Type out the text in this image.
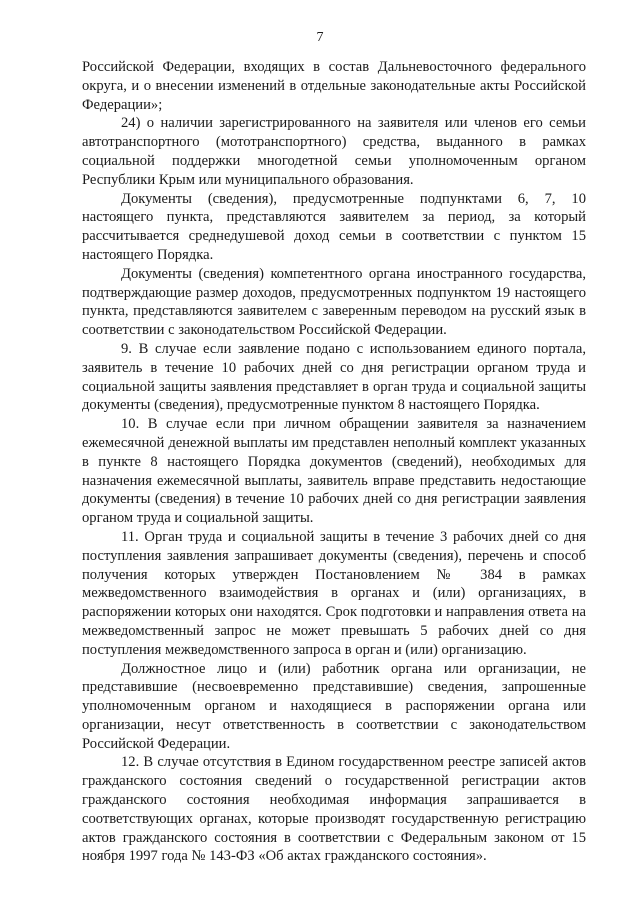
7

Российской Федерации, входящих в состав Дальневосточного федерального округа, и о внесении изменений в отдельные законодательные акты Российской Федерации»;

24) о наличии зарегистрированного на заявителя или членов его семьи автотранспортного (мототранспортного) средства, выданного в рамках социальной поддержки многодетной семьи уполномоченным органом Республики Крым или муниципального образования.

Документы (сведения), предусмотренные подпунктами 6, 7, 10 настоящего пункта, представляются заявителем за период, за который рассчитывается среднедушевой доход семьи в соответствии с пунктом 15 настоящего Порядка.

Документы (сведения) компетентного органа иностранного государства, подтверждающие размер доходов, предусмотренных подпунктом 19 настоящего пункта, представляются заявителем с заверенным переводом на русский язык в соответствии с законодательством Российской Федерации.

9. В случае если заявление подано с использованием единого портала, заявитель в течение 10 рабочих дней со дня регистрации органом труда и социальной защиты заявления представляет в орган труда и социальной защиты документы (сведения), предусмотренные пунктом 8 настоящего Порядка.

10. В случае если при личном обращении заявителя за назначением ежемесячной денежной выплаты им представлен неполный комплект указанных в пункте 8 настоящего Порядка документов (сведений), необходимых для назначения ежемесячной выплаты, заявитель вправе представить недостающие документы (сведения) в течение 10 рабочих дней со дня регистрации заявления органом труда и социальной защиты.

11. Орган труда и социальной защиты в течение 3 рабочих дней со дня поступления заявления запрашивает документы (сведения), перечень и способ получения которых утвержден Постановлением № 384 в рамках межведомственного взаимодействия в органах и (или) организациях, в распоряжении которых они находятся. Срок подготовки и направления ответа на межведомственный запрос не может превышать 5 рабочих дней со дня поступления межведомственного запроса в орган и (или) организацию.

Должностное лицо и (или) работник органа или организации, не представившие (несвоевременно представившие) сведения, запрошенные уполномоченным органом и находящиеся в распоряжении органа или организации, несут ответственность в соответствии с законодательством Российской Федерации.

12. В случае отсутствия в Едином государственном реестре записей актов гражданского состояния сведений о государственной регистрации актов гражданского состояния необходимая информация запрашивается в соответствующих органах, которые производят государственную регистрацию актов гражданского состояния в соответствии с Федеральным законом от 15 ноября 1997 года № 143-ФЗ «Об актах гражданского состояния».
